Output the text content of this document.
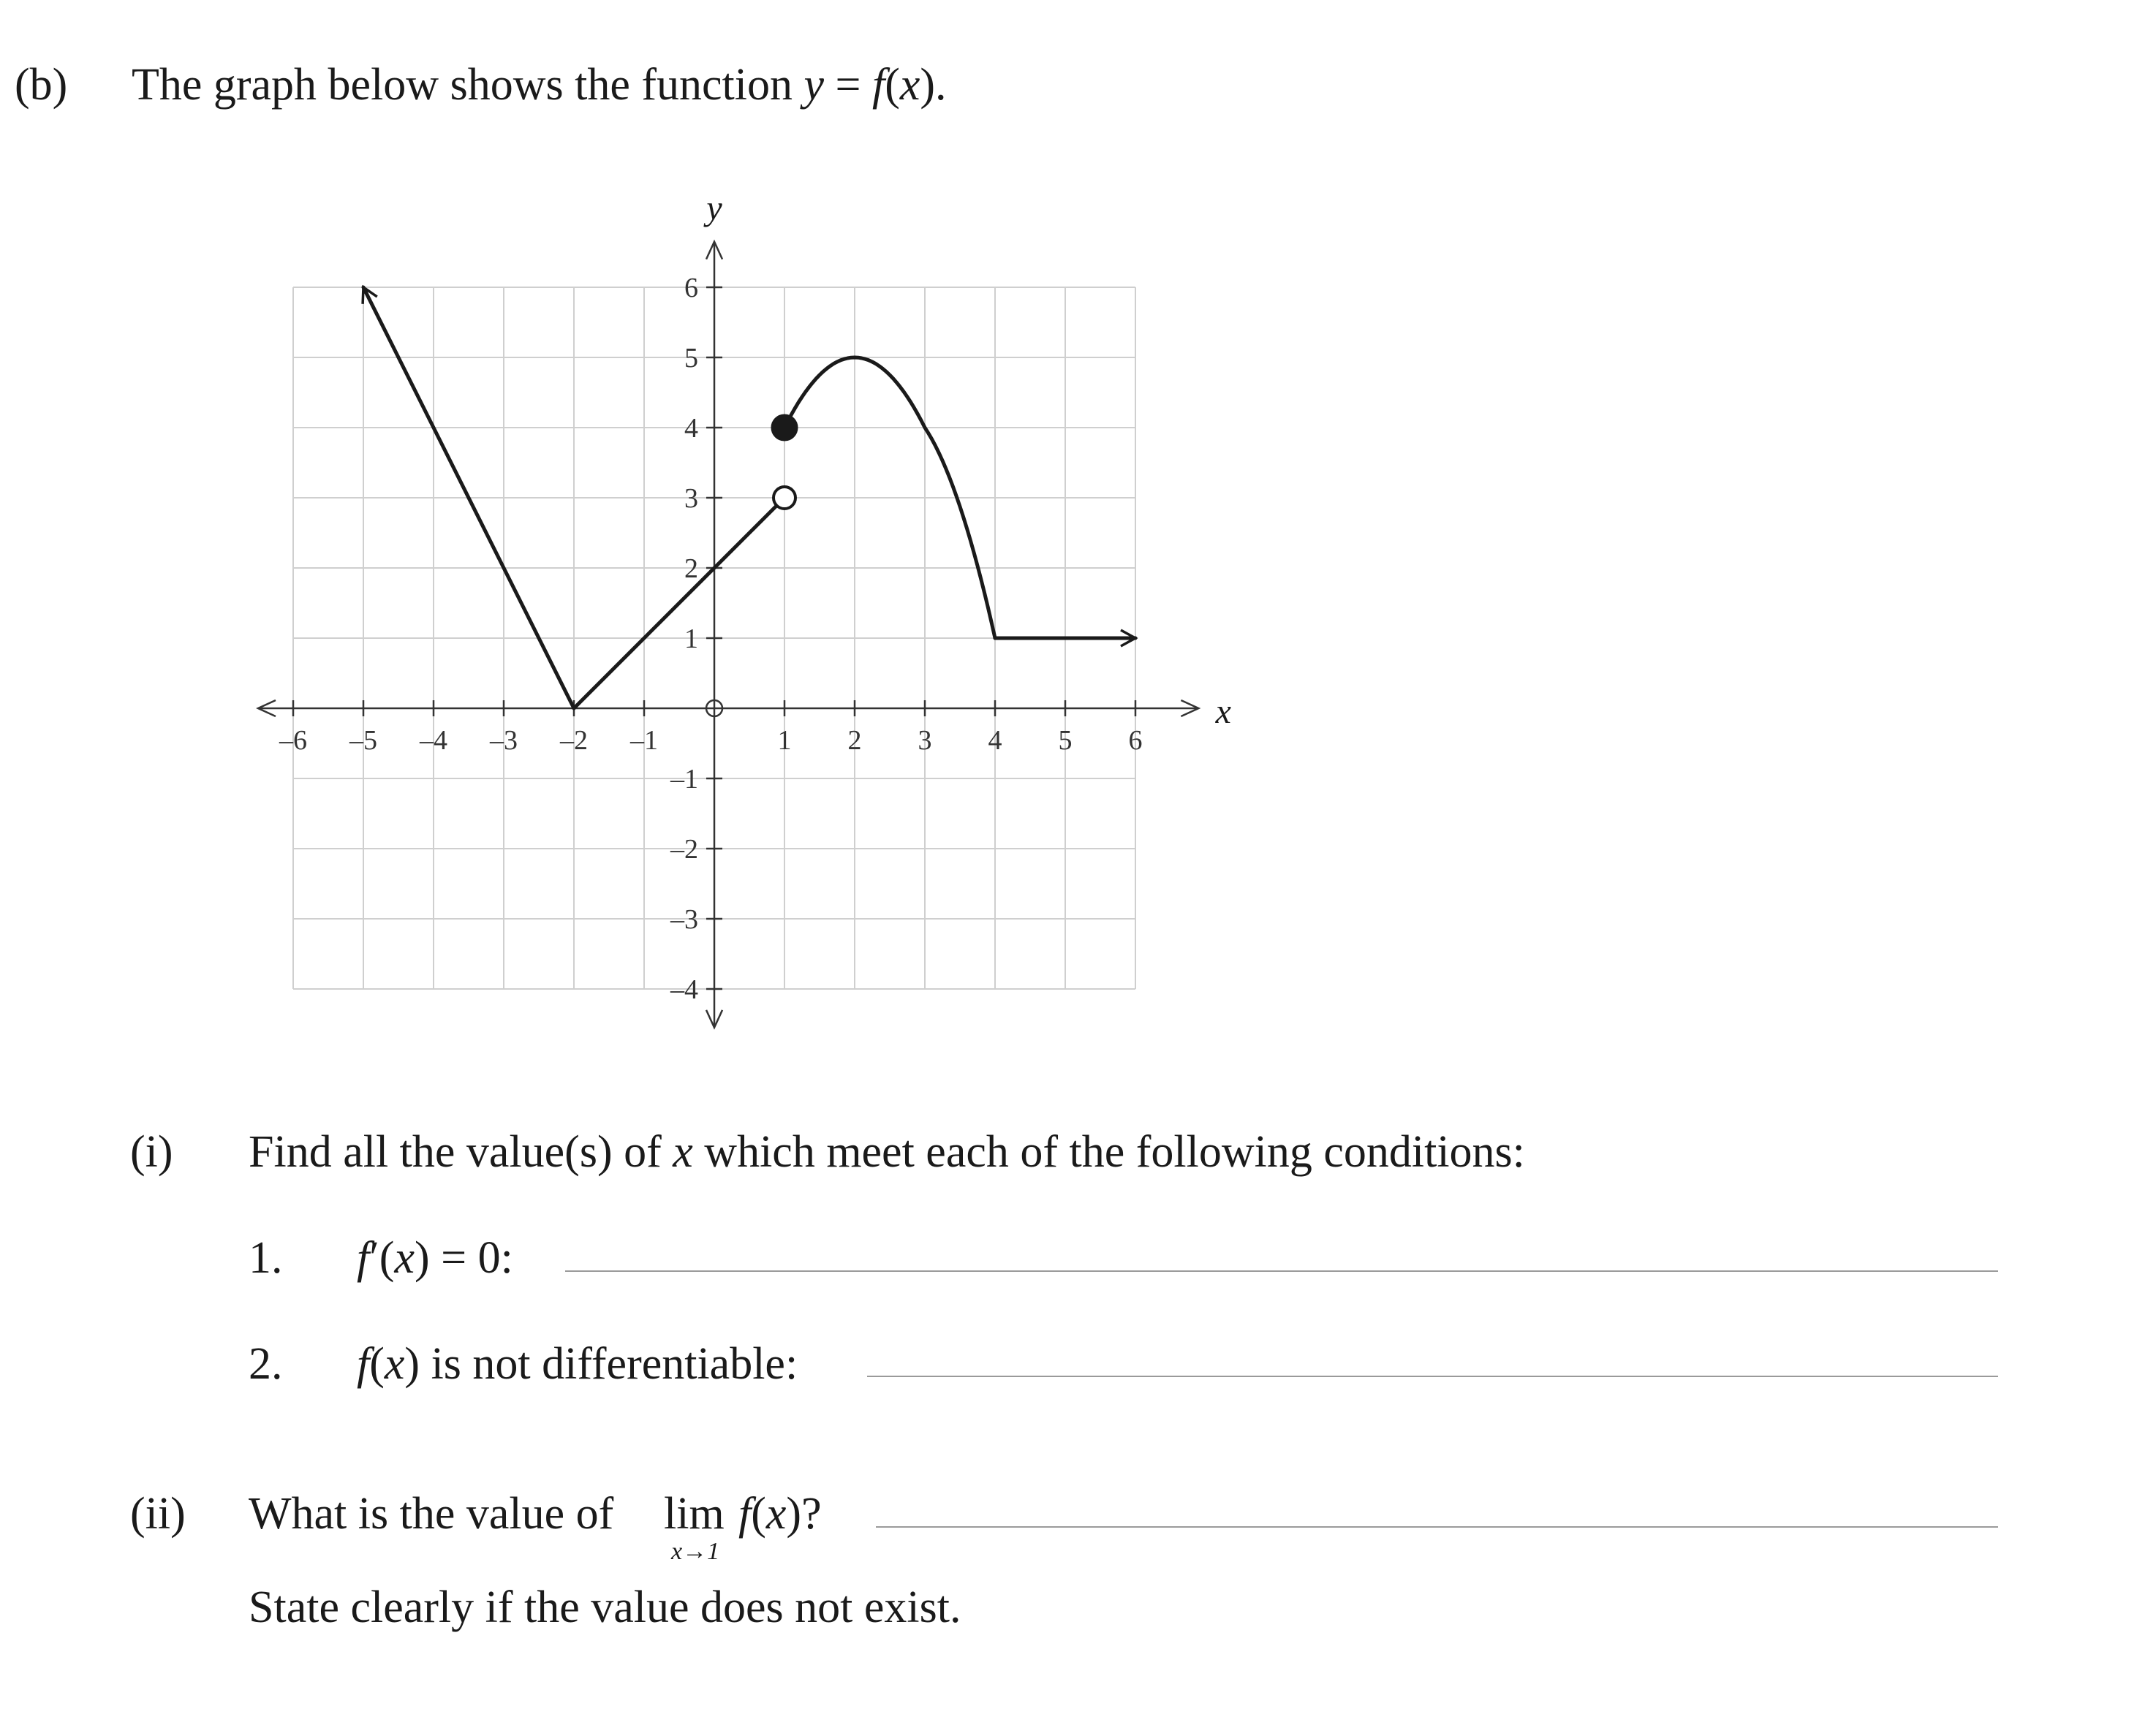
(b) The graph below shows the function y = f(x).
–6 –5 –4 –3 –2 –1	1 2 3 4 5 6
6
5
4
3
2
1
–1
–2
–3
–4
x
y
(i) Find all the value(s) of x which meet each of the following conditions:
1. f′(x) = 0:
2. f(x) is not differentiable:
(ii) What is the value of lim
x→1
f(x)?
State clearly if the value does not exist.
